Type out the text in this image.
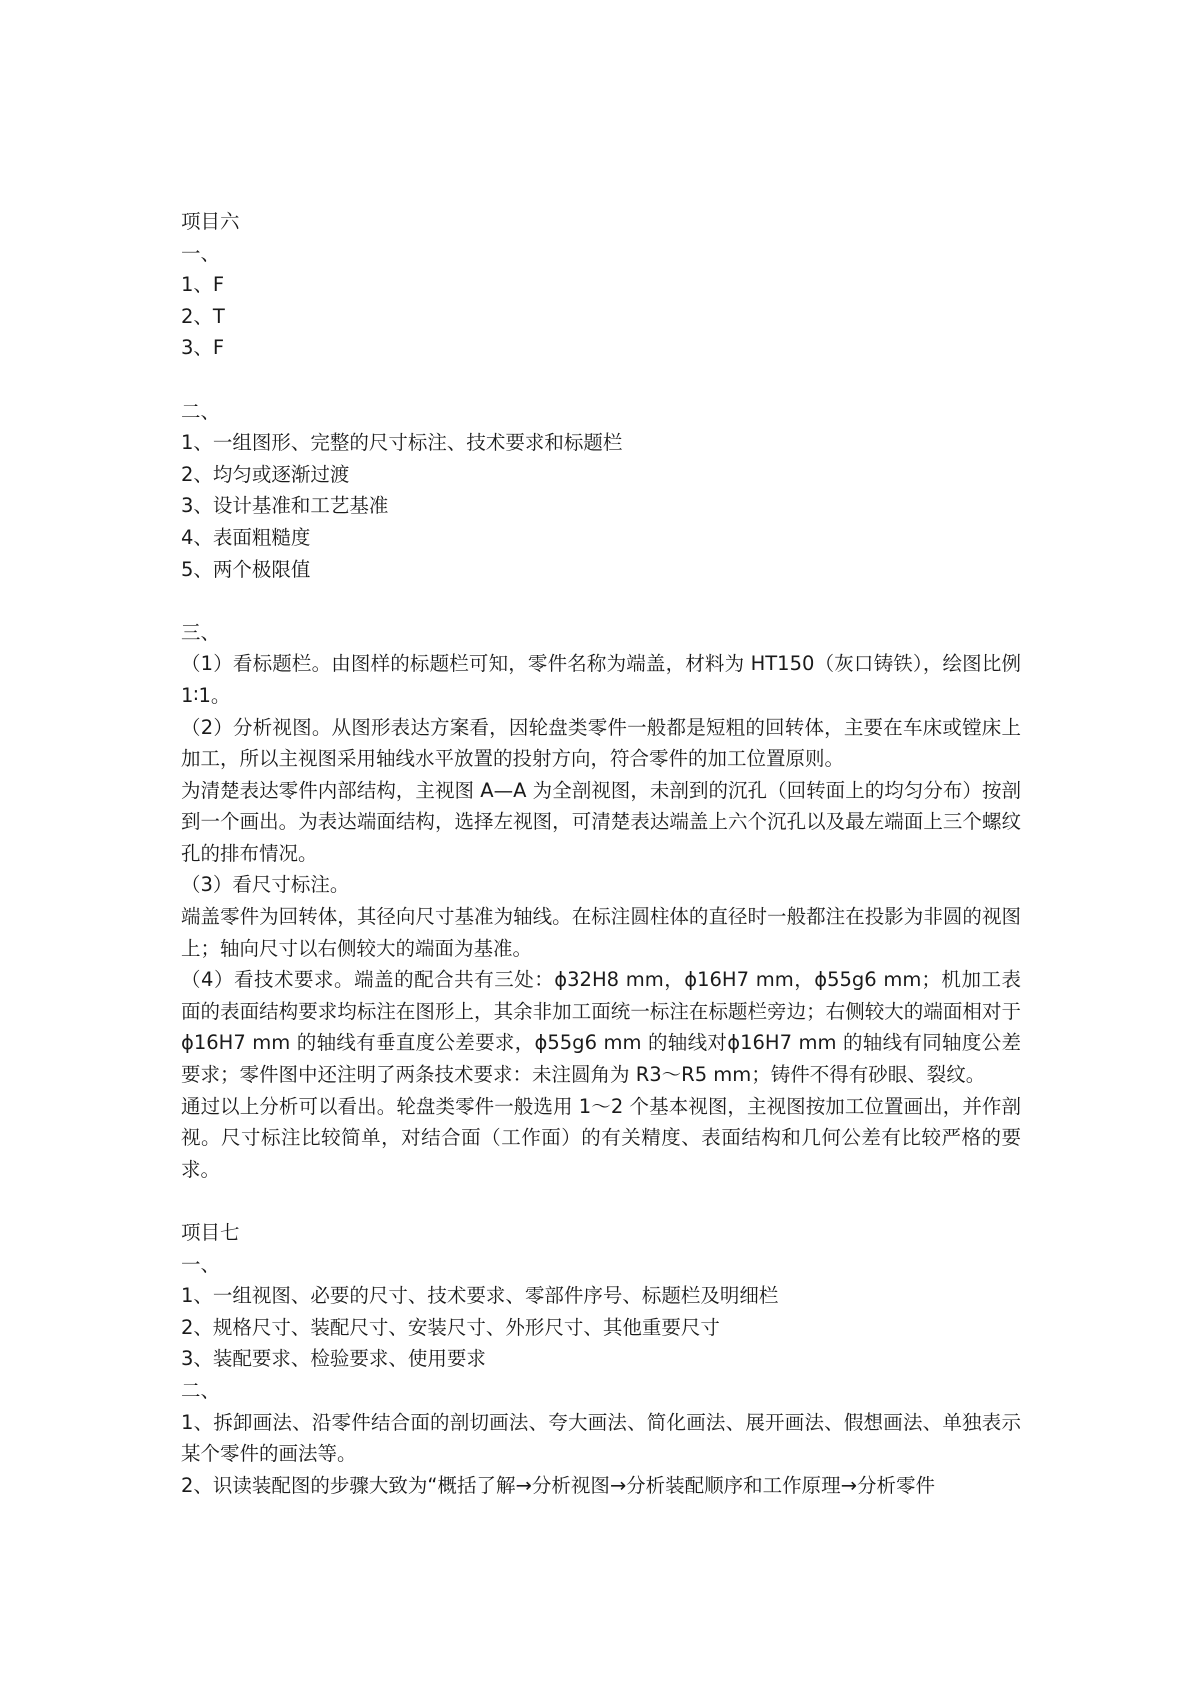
项目六

一、

1、F

2、T

3、F

二、

1、一组图形、完整的尺寸标注、技术要求和标题栏

2、均匀或逐渐过渡

3、设计基准和工艺基准

4、表面粗糙度

5、两个极限值

三、

（1）看标题栏。由图样的标题栏可知，零件名称为端盖，材料为 HT150（灰口铸铁），绘图比例 1∶1。

（2）分析视图。从图形表达方案看，因轮盘类零件一般都是短粗的回转体，主要在车床或镗床上加工，所以主视图采用轴线水平放置的投射方向，符合零件的加工位置原则。

为清楚表达零件内部结构，主视图 A—A 为全剖视图，未剖到的沉孔（回转面上的均匀分布）按剖到一个画出。为表达端面结构，选择左视图，可清楚表达端盖上六个沉孔以及最左端面上三个螺纹孔的排布情况。

（3）看尺寸标注。

端盖零件为回转体，其径向尺寸基准为轴线。在标注圆柱体的直径时一般都注在投影为非圆的视图上；轴向尺寸以右侧较大的端面为基准。

（4）看技术要求。端盖的配合共有三处：ϕ32H8 mm，ϕ16H7 mm，ϕ55g6 mm；机加工表面的表面结构要求均标注在图形上，其余非加工面统一标注在标题栏旁边；右侧较大的端面相对于ϕ16H7 mm 的轴线有垂直度公差要求，ϕ55g6 mm 的轴线对ϕ16H7 mm 的轴线有同轴度公差要求；零件图中还注明了两条技术要求：未注圆角为 R3～R5 mm；铸件不得有砂眼、裂纹。

通过以上分析可以看出。轮盘类零件一般选用 1～2 个基本视图，主视图按加工位置画出，并作剖视。尺寸标注比较简单，对结合面（工作面）的有关精度、表面结构和几何公差有比较严格的要求。

项目七

一、

1、一组视图、必要的尺寸、技术要求、零部件序号、标题栏及明细栏

2、规格尺寸、装配尺寸、安装尺寸、外形尺寸、其他重要尺寸

3、装配要求、检验要求、使用要求

二、

1、拆卸画法、沿零件结合面的剖切画法、夸大画法、简化画法、展开画法、假想画法、单独表示某个零件的画法等。

2、识读装配图的步骤大致为“概括了解→分析视图→分析装配顺序和工作原理→分析零件
